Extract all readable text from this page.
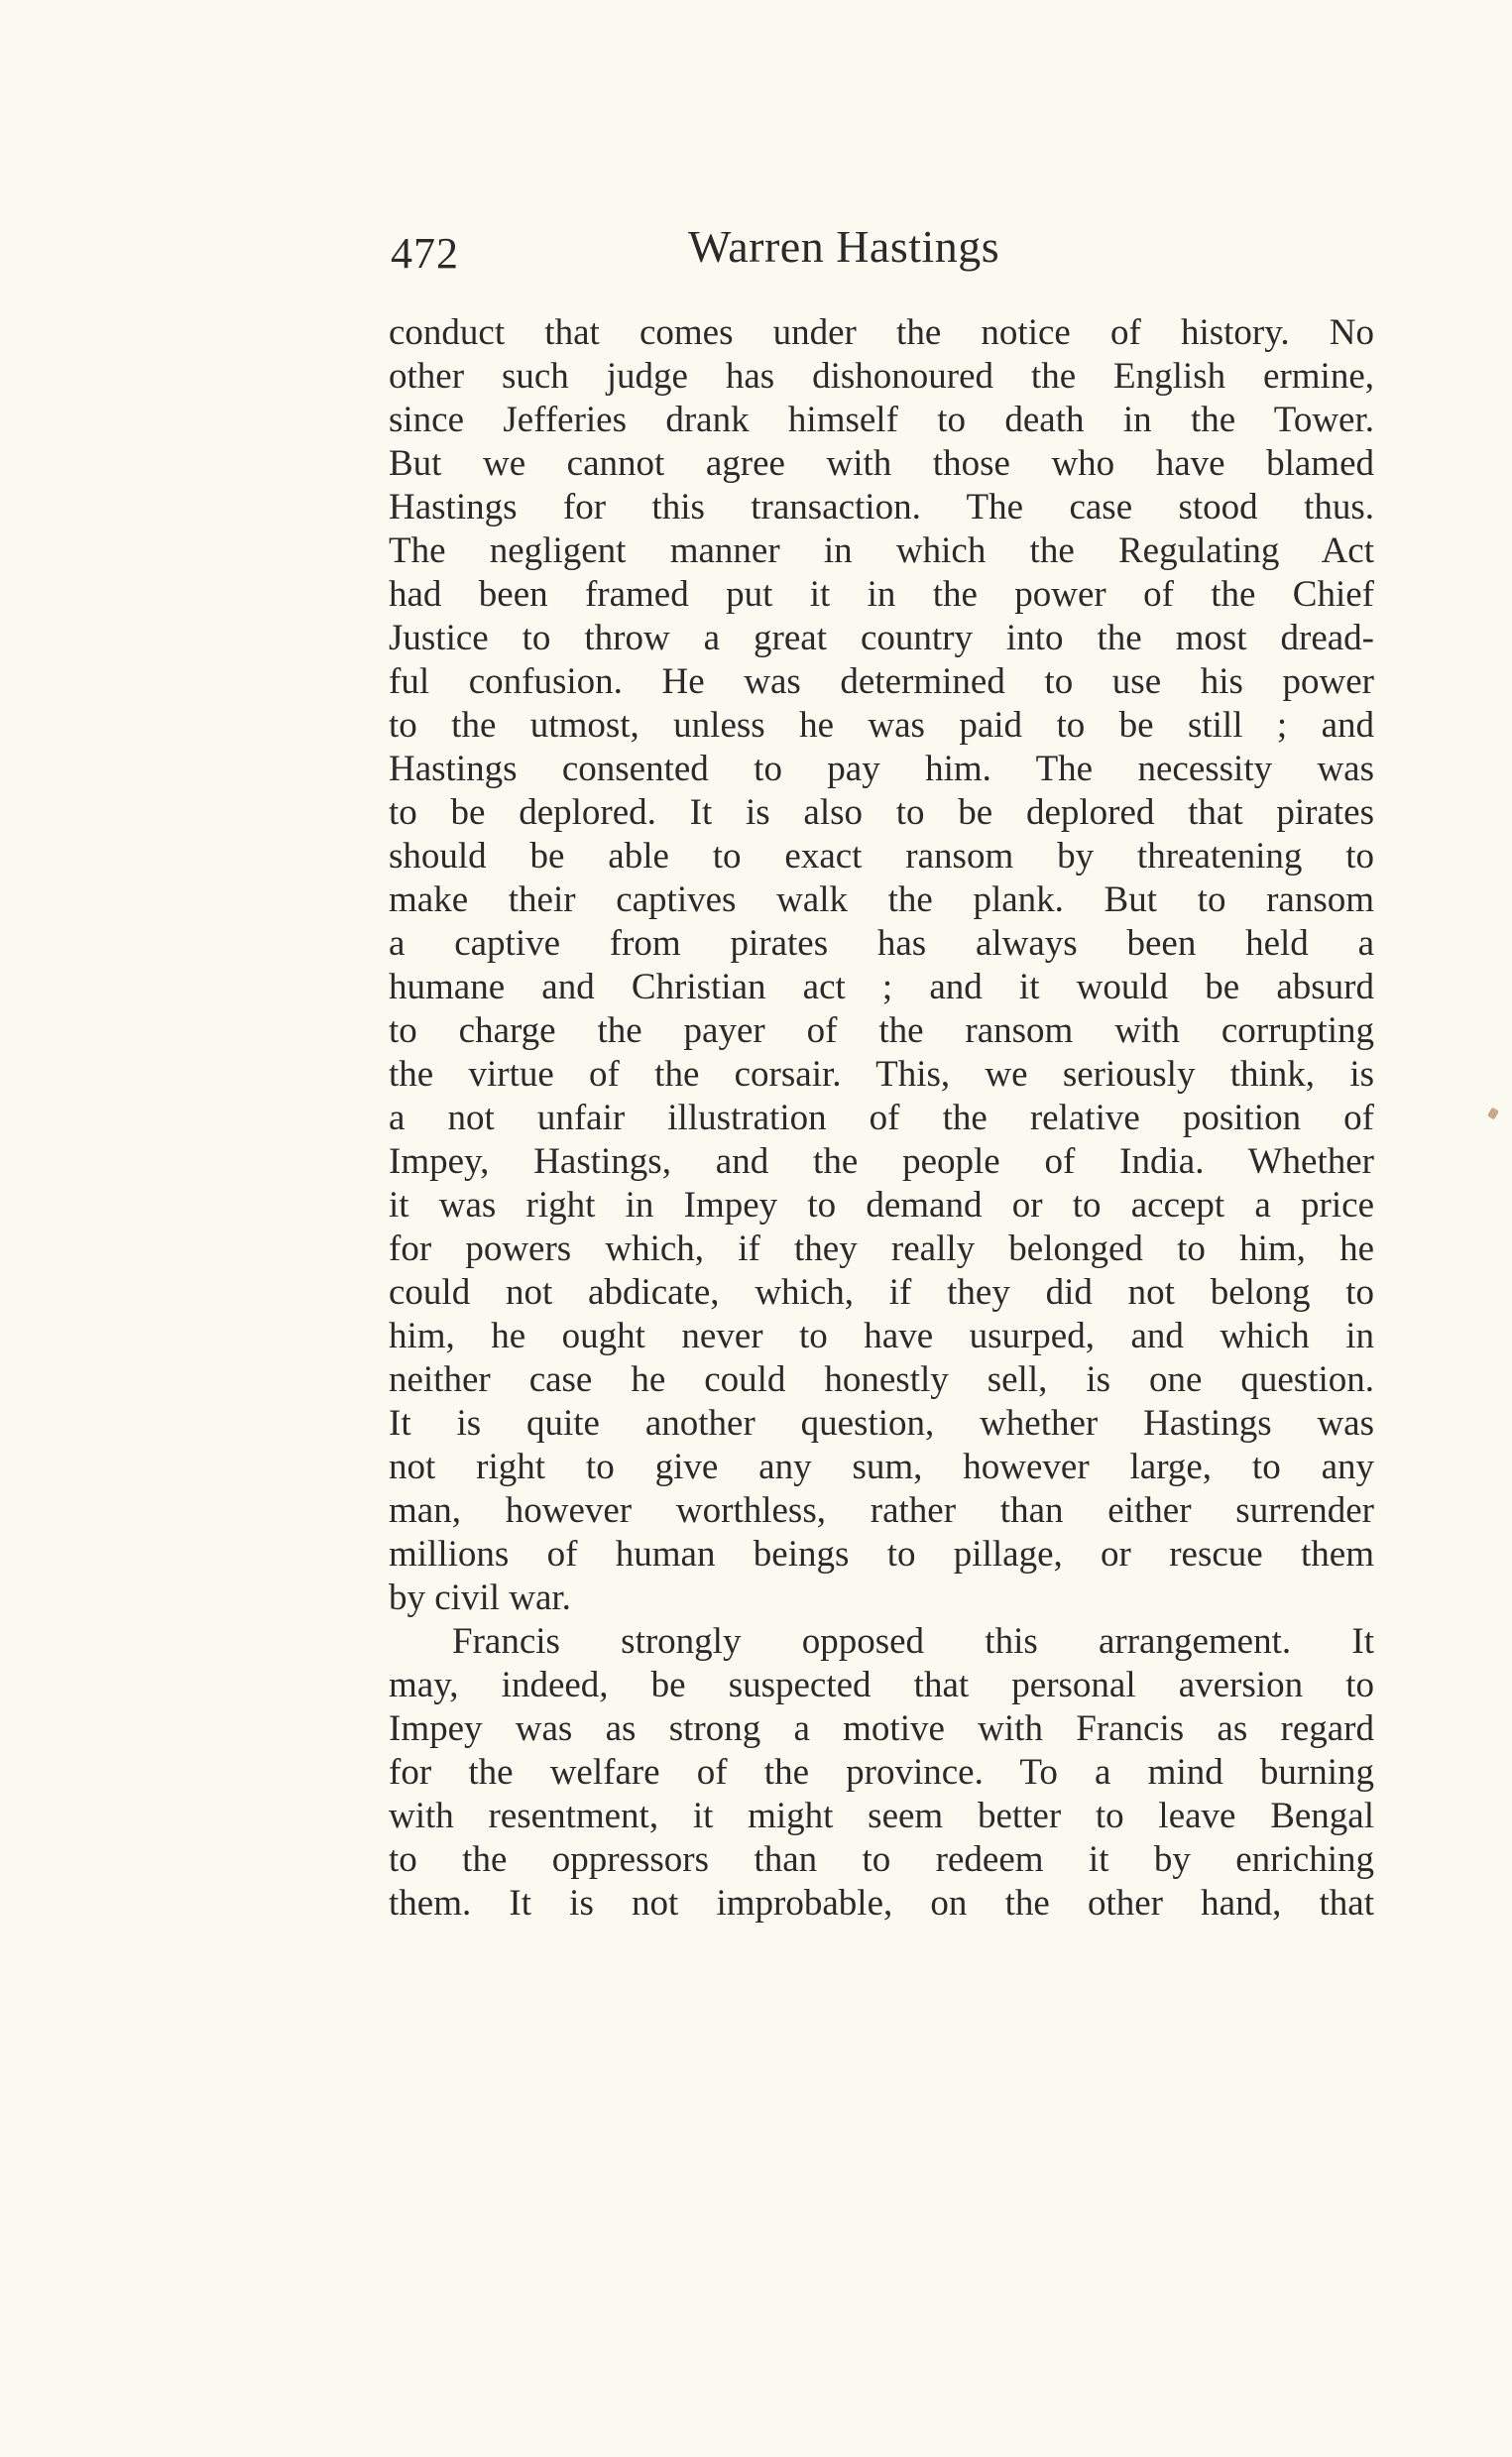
472	Warren Hastings
conduct that comes under the notice of history. No
other such judge has dishonoured the English ermine,
since Jefferies drank himself to death in the Tower.
But we cannot agree with those who have blamed
Hastings for this transaction. The case stood thus.
The negligent manner in which the Regulating Act
had been framed put it in the power of the Chief
Justice to throw a great country into the most dread-
ful confusion. He was determined to use his power
to the utmost, unless he was paid to be still ; and
Hastings consented to pay him. The necessity was
to be deplored. It is also to be deplored that pirates
should be able to exact ransom by threatening to
make their captives walk the plank. But to ransom
a captive from pirates has always been held a
humane and Christian act ; and it would be absurd
to charge the payer of the ransom with corrupting
the virtue of the corsair. This, we seriously think, is
a not unfair illustration of the relative position of
Impey, Hastings, and the people of India. Whether
it was right in Impey to demand or to accept a price
for powers which, if they really belonged to him, he
could not abdicate, which, if they did not belong to
him, he ought never to have usurped, and which in
neither case he could honestly sell, is one question.
It is quite another question, whether Hastings was
not right to give any sum, however large, to any
man, however worthless, rather than either surrender
millions of human beings to pillage, or rescue them
by civil war.
Francis strongly opposed this arrangement. It
may, indeed, be suspected that personal aversion to
Impey was as strong a motive with Francis as regard
for the welfare of the province. To a mind burning
with resentment, it might seem better to leave Bengal
to the oppressors than to redeem it by enriching
them. It is not improbable, on the other hand, that
